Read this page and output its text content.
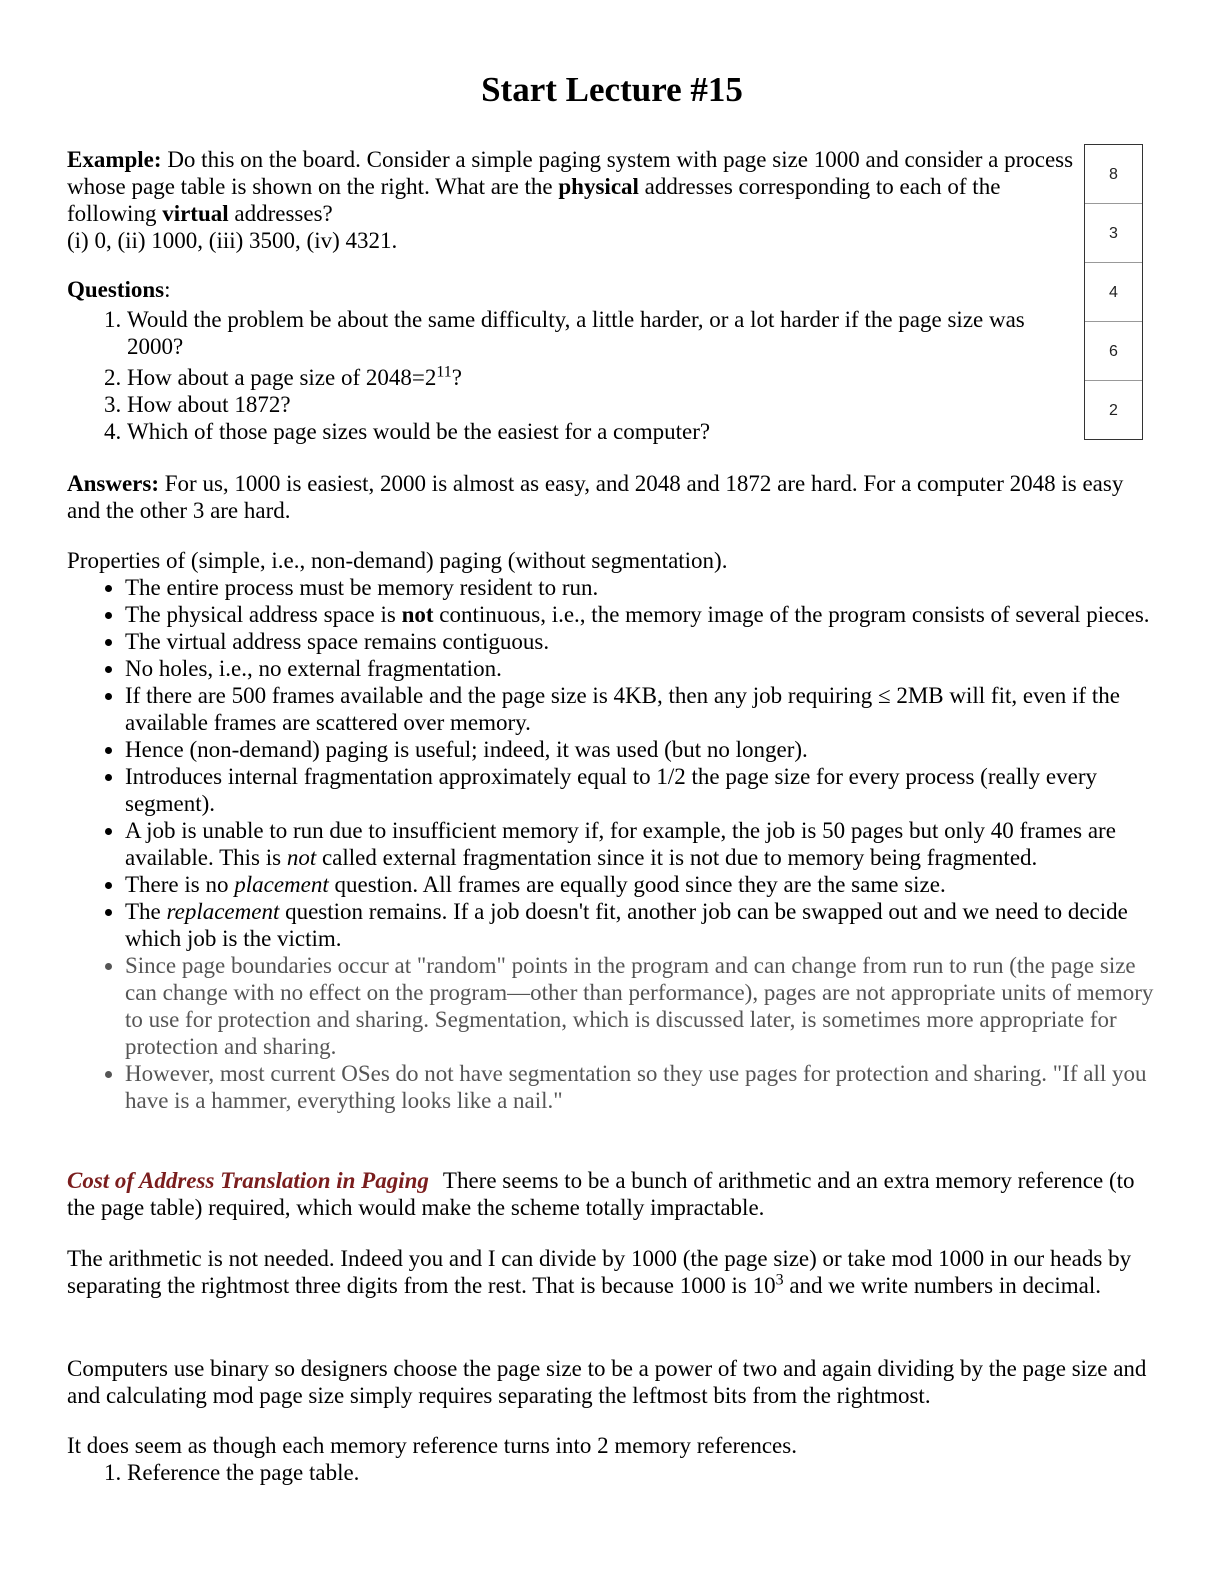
Start Lecture #15

Example: Do this on the board. Consider a simple paging system with page size 1000 and consider a process whose page table is shown on the right. What are the physical addresses corresponding to each of the following virtual addresses?
(i) 0, (ii) 1000, (iii) 3500, (iv) 4321.

8
3
4
6
2

Questions:

1. Would the problem be about the same difficulty, a little harder, or a lot harder if the page size was 2000?
2. How about a page size of $2048=2^{11}$?
3. How about 1872?
4. Which of those page sizes would be the easiest for a computer?

Answers: For us, 1000 is easiest, 2000 is almost as easy, and 2048 and 1872 are hard. For a computer 2048 is easy and the other 3 are hard.

Properties of (simple, i.e., non-demand) paging (without segmentation).

• The entire process must be memory resident to run.
• The physical address space is not continuous, i.e., the memory image of the program consists of several pieces.
• The virtual address space remains contiguous.
• No holes, i.e., no external fragmentation.
• If there are 500 frames available and the page size is 4KB, then any job requiring ≤ 2MB will fit, even if the available frames are scattered over memory.
• Hence (non-demand) paging is useful; indeed, it was used (but no longer).
• Introduces internal fragmentation approximately equal to 1/2 the page size for every process (really every segment).
• A job is unable to run due to insufficient memory if, for example, the job is 50 pages but only 40 frames are available. This is not called external fragmentation since it is not due to memory being fragmented.
• There is no placement question. All frames are equally good since they are the same size.
• The replacement question remains. If a job doesn't fit, another job can be swapped out and we need to decide which job is the victim.
• Since page boundaries occur at "random" points in the program and can change from run to run (the page size can change with no effect on the program—other than performance), pages are not appropriate units of memory to use for protection and sharing. Segmentation, which is discussed later, is sometimes more appropriate for protection and sharing.
• However, most current OSes do not have segmentation so they use pages for protection and sharing. "If all you have is a hammer, everything looks like a nail."

Cost of Address Translation in Paging There seems to be a bunch of arithmetic and an extra memory reference (to the page table) required, which would make the scheme totally impractable.

The arithmetic is not needed. Indeed you and I can divide by 1000 (the page size) or take mod 1000 in our heads by separating the rightmost three digits from the rest. That is because 1000 is $10^3$ and we write numbers in decimal.

Computers use binary so designers choose the page size to be a power of two and again dividing by the page size and and calculating mod page size simply requires separating the leftmost bits from the rightmost.

It does seem as though each memory reference turns into 2 memory references.

1. Reference the page table.
